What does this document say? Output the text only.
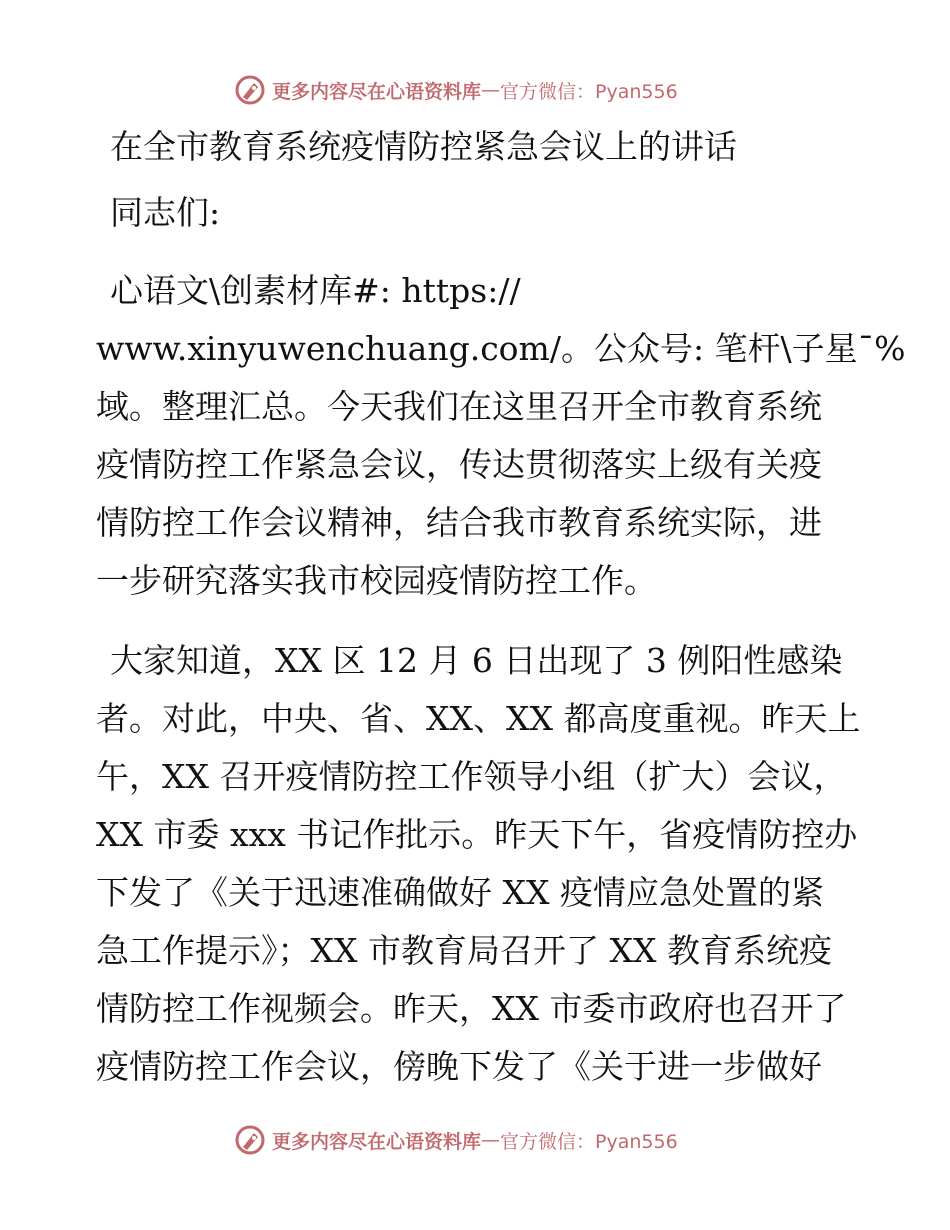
更多内容尽在心语资料库 — 官方微信：Pyan556
在全市教育系统疫情防控紧急会议上的讲话
同志们:
心语文\创素材库#: https://
www.xinyuwenchuang.com/。公众号: 笔杆\子星¯%
域。整理汇总。今天我们在这里召开全市教育系统
疫情防控工作紧急会议，传达贯彻落实上级有关疫
情防控工作会议精神，结合我市教育系统实际，进
一步研究落实我市校园疫情防控工作。
大家知道，XX 区 12 月 6 日出现了 3 例阳性感染
者。对此，中央、省、XX、XX 都高度重视。昨天上
午，XX 召开疫情防控工作领导小组（扩大）会议，
XX 市委 xxx 书记作批示。昨天下午，省疫情防控办
下发了《关于迅速准确做好 XX 疫情应急处置的紧
急工作提示》；XX 市教育局召开了 XX 教育系统疫
情防控工作视频会。昨天，XX 市委市政府也召开了
疫情防控工作会议，傍晚下发了《关于进一步做好
更多内容尽在心语资料库 — 官方微信：Pyan556
